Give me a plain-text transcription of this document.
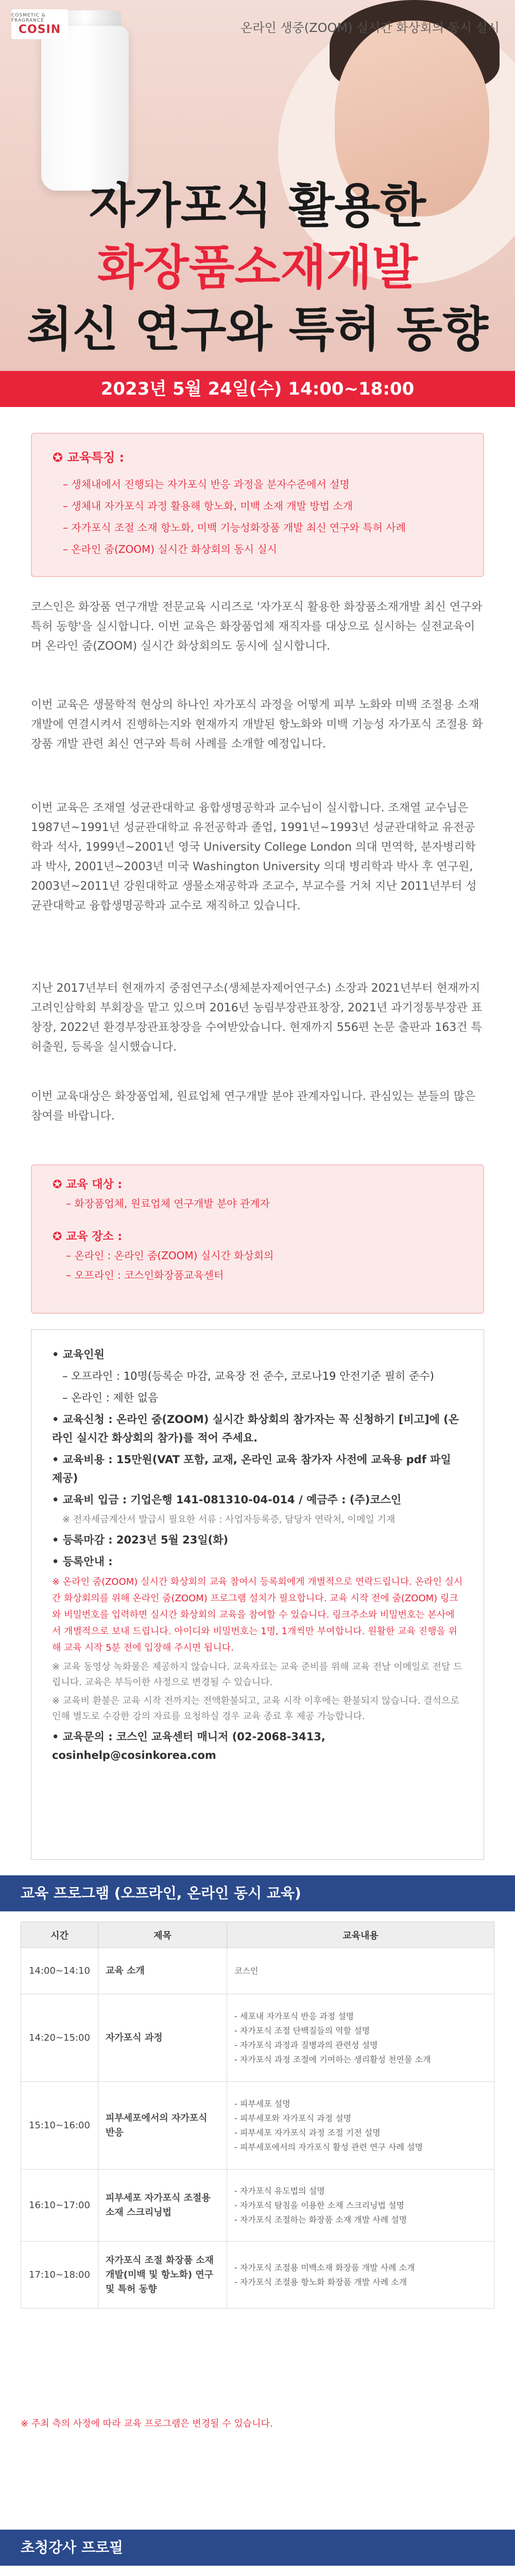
COSMETIC & FRAGRANCE
COSIN	온라인 생중(ZOOM) 실시간 화상회의 동시 실시
자가포식 활용한
화장품소재개발
최신 연구와 특허 동향
2023년 5월 24일(수) 14:00~18:00
✪ 교육특징 :
– 생체내에서 진행되는 자가포식 반응 과정을 분자수준에서 설명
– 생체내 자가포식 과정 활용해 항노화, 미백 소재 개발 방법 소개
– 자가포식 조절 소재 항노화, 미백 기능성화장품 개발 최신 연구와 특허 사례
– 온라인 줌(ZOOM) 실시간 화상회의 동시 실시
코스인은 화장품 연구개발 전문교육 시리즈로 '자가포식 활용한 화장품소재개발 최신 연구와 특허 동향'을 실시합니다. 이번 교육은 화장품업체 재직자를 대상으로 실시하는 실전교육이며 온라인 줌(ZOOM) 실시간 화상회의도 동시에 실시합니다.
이번 교육은 생물학적 현상의 하나인 자가포식 과정을 어떻게 피부 노화와 미백 조절용 소재 개발에 연결시켜서 진행하는지와 현재까지 개발된 항노화와 미백 기능성 자가포식 조절용 화장품 개발 관련 최신 연구와 특허 사례를 소개할 예정입니다.
이번 교육은 조재열 성균관대학교 융합생명공학과 교수님이 실시합니다. 조재열 교수님은 1987년~1991년 성균관대학교 유전공학과 졸업, 1991년~1993년 성균관대학교 유전공학과 석사, 1999년~2001년 영국 University College London 의대 면역학, 분자병리학과 박사, 2001년~2003년 미국 Washington University 의대 병리학과 박사 후 연구원, 2003년~2011년 강원대학교 생물소재공학과 조교수, 부교수를 거쳐 지난 2011년부터 성균관대학교 융합생명공학과 교수로 재직하고 있습니다.
지난 2017년부터 현재까지 중점연구소(생체분자제어연구소) 소장과 2021년부터 현재까지 고려인삼학회 부회장을 맡고 있으며 2016년 농림부장관표창장, 2021년 과기정통부장관 표창장, 2022년 환경부장관표창장을 수여받았습니다. 현재까지 556편 논문 출판과 163건 특허출원, 등록을 실시했습니다.
이번 교육대상은 화장품업체, 원료업체 연구개발 분야 관계자입니다. 관심있는 분들의 많은 참여를 바랍니다.
✪ 교육 대상 :

– 화장품업체, 원료업체 연구개발 분야 관계자

✪ 교육 장소 :

– 온라인 : 온라인 줌(ZOOM) 실시간 화상회의

– 오프라인 : 코스인화장품교육센터

• 교육인원
– 오프라인 : 10명(등록순 마감, 교육장 전 준수, 코로나19 안전기준 필히 준수)
– 온라인 : 제한 없음
• 교육신청 : 온라인 줌(ZOOM) 실시간 화상회의 참가자는 꼭 신청하기 [비고]에 (온라인 실시간 화상회의 참가)를 적어 주세요.
• 교육비용 : 15만원(VAT 포함, 교재, 온라인 교육 참가자 사전에 교육용 pdf 파일 제공)
• 교육비 입금 : 기업은행 141-081310-04-014 / 예금주 : (주)코스인
※ 전자세금계산서 발급시 필요한 서류 : 사업자등록증, 담당자 연락처, 이메일 기재
• 등록마감 : 2023년 5월 23일(화)
• 등록안내 :
※ 온라인 줌(ZOOM) 실시간 화상회의 교육 참여시 등록회에게 개별적으로 연락드립니다. 온라인 실시간 화상회의를 위해 온라인 줌(ZOOM) 프로그램 설치가 필요합니다. 교육 시작 전에 줌(ZOOM) 링크와 비밀번호를 입력하면 실시간 화상회의 교육을 참여할 수 있습니다. 링크주소와 비밀번호는 본사에서 개별적으로 보내 드립니다. 아이디와 비밀번호는 1명, 1개씩만 부여합니다. 원활한 교육 진행을 위해 교육 시작 5분 전에 입장해 주시면 됩니다.
※ 교육 동영상 녹화물은 제공하지 않습니다. 교육자료는 교육 준비를 위해 교육 전날 이메일로 전달 드립니다. 교육은 부득이한 사정으로 변경될 수 있습니다.
※ 교육비 환불은 교육 시작 전까지는 전액환불되고, 교육 시작 이후에는 환불되지 않습니다. 결석으로 인해 별도로 수강한 강의 자료를 요청하실 경우 교육 종료 후 제공 가능합니다.
• 교육문의 : 코스인 교육센터 매니저 (02-2068-3413, cosinhelp@cosinkorea.com
교육 프로그램 (오프라인, 온라인 동시 교육)
시간	제목	교육내용
14:00~14:10	교육 소개	코스인
14:20~15:00	자가포식 과정	- 세포내 자가포식 반응 과정 설명
- 자가포식 조절 단백질들의 역할 설명
- 자가포식 과정과 질병과의 관련성 설명
- 자가포식 과정 조절에 기여하는 생리활성 천연물 소개
15:10~16:00	피부세포에서의 자가포식 반응	- 피부세포 설명
- 피부세포와 자가포식 과정 설명
- 피부세포 자가포식 과정 조절 기전 설명
- 피부세포에서의 자가포식 활성 관련 연구 사례 설명
16:10~17:00	피부세포 자가포식 조절용 소재 스크리닝법	- 자가포식 유도법의 설명
- 자가포식 탐침을 이용한 소재 스크리닝법 설명
- 자가포식 조절하는 화장품 소재 개발 사례 설명
17:10~18:00	자가포식 조절 화장품 소재개발(미백 및 항노화) 연구 및 특허 동향	- 자가포식 조절용 미백소재 화장품 개발 사례 소개
- 자가포식 조절용 항노화 화장품 개발 사례 소개
※ 주최 측의 사정에 따라 교육 프로그램은 변경될 수 있습니다.
초청강사 프로필
